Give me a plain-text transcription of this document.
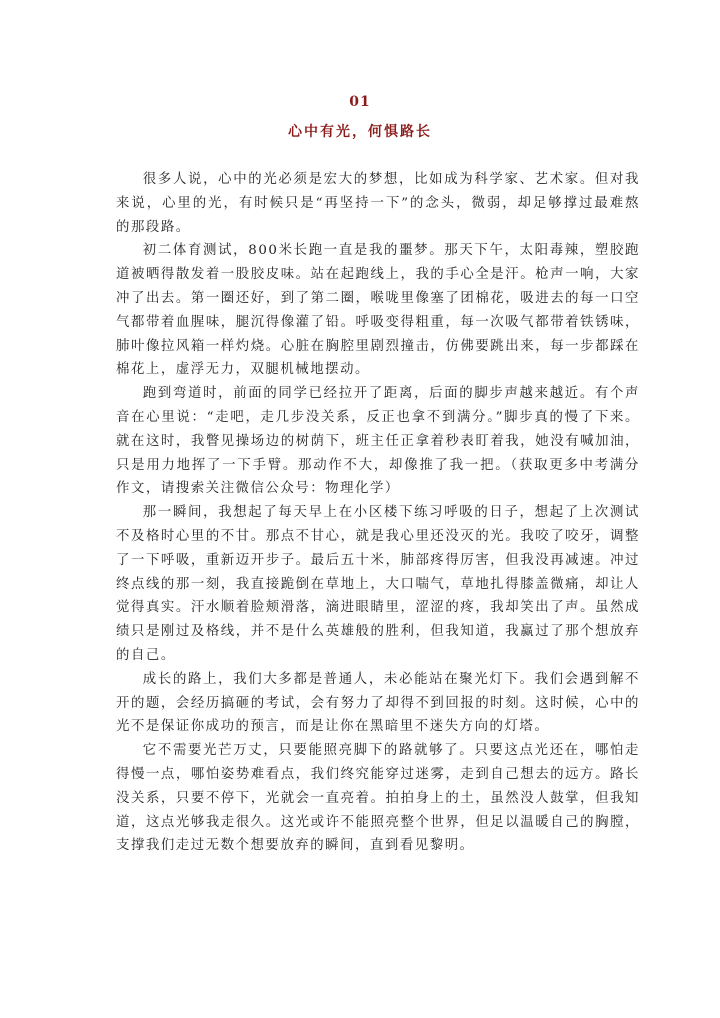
01
心中有光，何惧路长

很多人说，心中的光必须是宏大的梦想，比如成为科学家、艺术家。但对我来说，心里的光，有时候只是“再坚持一下”的念头，微弱，却足够撑过最难熬的那段路。

初二体育测试，800米长跑一直是我的噩梦。那天下午，太阳毒辣，塑胶跑道被晒得散发着一股胶皮味。站在起跑线上，我的手心全是汗。枪声一响，大家冲了出去。第一圈还好，到了第二圈，喉咙里像塞了团棉花，吸进去的每一口空气都带着血腥味，腿沉得像灌了铅。呼吸变得粗重，每一次吸气都带着铁锈味，肺叶像拉风箱一样灼烧。心脏在胸腔里剧烈撞击，仿佛要跳出来，每一步都踩在棉花上，虚浮无力，双腿机械地摆动。

跑到弯道时，前面的同学已经拉开了距离，后面的脚步声越来越近。有个声音在心里说：“走吧，走几步没关系，反正也拿不到满分。”脚步真的慢了下来。就在这时，我瞥见操场边的树荫下，班主任正拿着秒表盯着我，她没有喊加油，只是用力地挥了一下手臂。那动作不大，却像推了我一把。（获取更多中考满分作文，请搜索关注微信公众号：物理化学）

那一瞬间，我想起了每天早上在小区楼下练习呼吸的日子，想起了上次测试不及格时心里的不甘。那点不甘心，就是我心里还没灭的光。我咬了咬牙，调整了一下呼吸，重新迈开步子。最后五十米，肺部疼得厉害，但我没再减速。冲过终点线的那一刻，我直接跪倒在草地上，大口喘气，草地扎得膝盖微痛，却让人觉得真实。汗水顺着脸颊滑落，滴进眼睛里，涩涩的疼，我却笑出了声。虽然成绩只是刚过及格线，并不是什么英雄般的胜利，但我知道，我赢过了那个想放弃的自己。

成长的路上，我们大多都是普通人，未必能站在聚光灯下。我们会遇到解不开的题，会经历搞砸的考试，会有努力了却得不到回报的时刻。这时候，心中的光不是保证你成功的预言，而是让你在黑暗里不迷失方向的灯塔。

它不需要光芒万丈，只要能照亮脚下的路就够了。只要这点光还在，哪怕走得慢一点，哪怕姿势难看点，我们终究能穿过迷雾，走到自己想去的远方。路长没关系，只要不停下，光就会一直亮着。拍拍身上的土，虽然没人鼓掌，但我知道，这点光够我走很久。这光或许不能照亮整个世界，但足以温暖自己的胸膛，支撑我们走过无数个想要放弃的瞬间，直到看见黎明。
